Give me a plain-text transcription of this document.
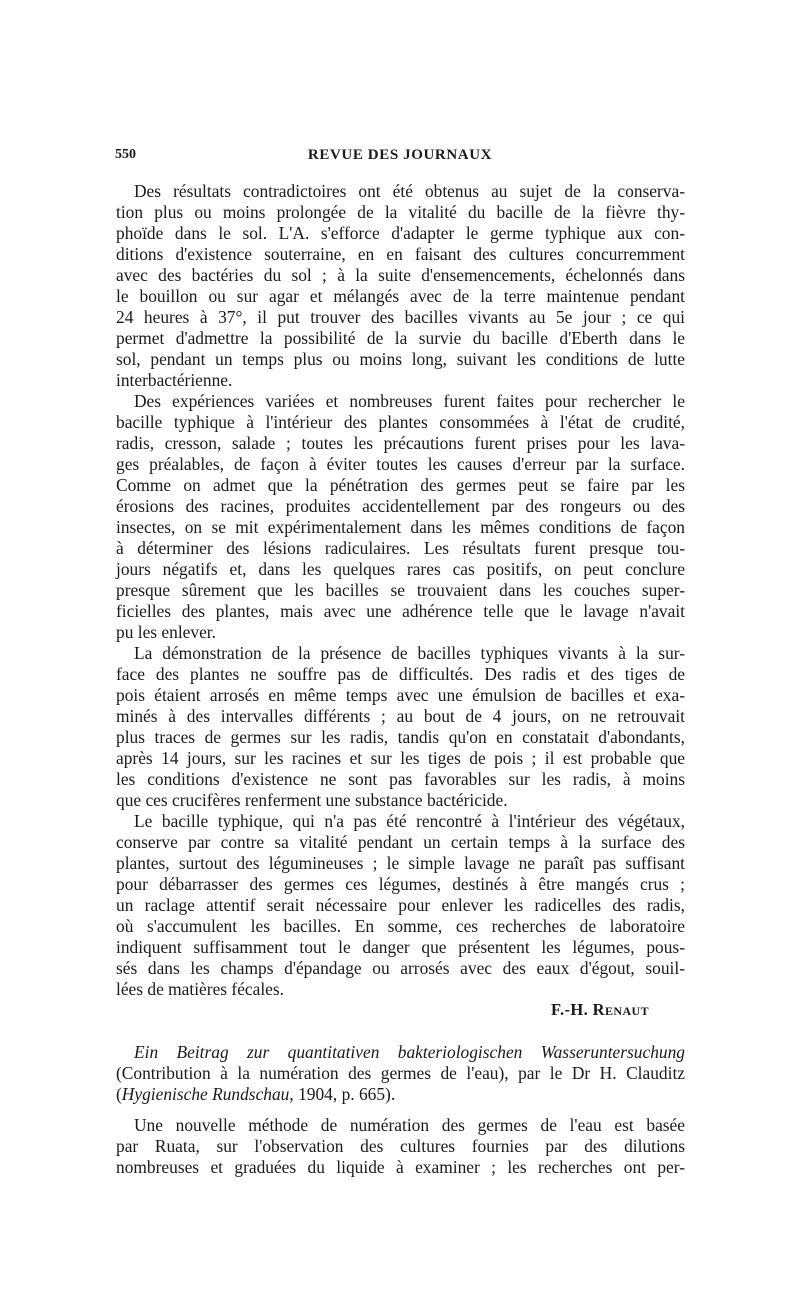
550	REVUE DES JOURNAUX
Des résultats contradictoires ont été obtenus au sujet de la conserva-
tion plus ou moins prolongée de la vitalité du bacille de la fièvre thy-
phoïde dans le sol. L'A. s'efforce d'adapter le germe typhique aux con-
ditions d'existence souterraine, en en faisant des cultures concurremment
avec des bactéries du sol ; à la suite d'ensemencements, échelonnés dans
le bouillon ou sur agar et mélangés avec de la terre maintenue pendant
24 heures à 37°, il put trouver des bacilles vivants au 5e jour ; ce qui
permet d'admettre la possibilité de la survie du bacille d'Eberth dans le
sol, pendant un temps plus ou moins long, suivant les conditions de lutte
interbactérienne.
Des expériences variées et nombreuses furent faites pour rechercher le
bacille typhique à l'intérieur des plantes consommées à l'état de crudité,
radis, cresson, salade ; toutes les précautions furent prises pour les lava-
ges préalables, de façon à éviter toutes les causes d'erreur par la surface.
Comme on admet que la pénétration des germes peut se faire par les
érosions des racines, produites accidentellement par des rongeurs ou des
insectes, on se mit expérimentalement dans les mêmes conditions de façon
à déterminer des lésions radiculaires. Les résultats furent presque tou-
jours négatifs et, dans les quelques rares cas positifs, on peut conclure
presque sûrement que les bacilles se trouvaient dans les couches super-
ficielles des plantes, mais avec une adhérence telle que le lavage n'avait
pu les enlever.
La démonstration de la présence de bacilles typhiques vivants à la sur-
face des plantes ne souffre pas de difficultés. Des radis et des tiges de
pois étaient arrosés en même temps avec une émulsion de bacilles et exa-
minés à des intervalles différents ; au bout de 4 jours, on ne retrouvait
plus traces de germes sur les radis, tandis qu'on en constatait d'abondants,
après 14 jours, sur les racines et sur les tiges de pois ; il est probable que
les conditions d'existence ne sont pas favorables sur les radis, à moins
que ces crucifères renferment une substance bactéricide.
Le bacille typhique, qui n'a pas été rencontré à l'intérieur des végétaux,
conserve par contre sa vitalité pendant un certain temps à la surface des
plantes, surtout des légumineuses ; le simple lavage ne paraît pas suffisant
pour débarrasser des germes ces légumes, destinés à être mangés crus ;
un raclage attentif serait nécessaire pour enlever les radicelles des radis,
où s'accumulent les bacilles. En somme, ces recherches de laboratoire
indiquent suffisamment tout le danger que présentent les légumes, pous-
sés dans les champs d'épandage ou arrosés avec des eaux d'égout, souil-
lées de matières fécales.
F.-H. Renaut
Ein Beitrag zur quantitativen bakteriologischen Wasseruntersuchung
(Contribution à la numération des germes de l'eau), par le Dr H. Clauditz
(Hygienische Rundschau, 1904, p. 665).
Une nouvelle méthode de numération des germes de l'eau est basée
par Ruata, sur l'observation des cultures fournies par des dilutions
nombreuses et graduées du liquide à examiner ; les recherches ont per-
